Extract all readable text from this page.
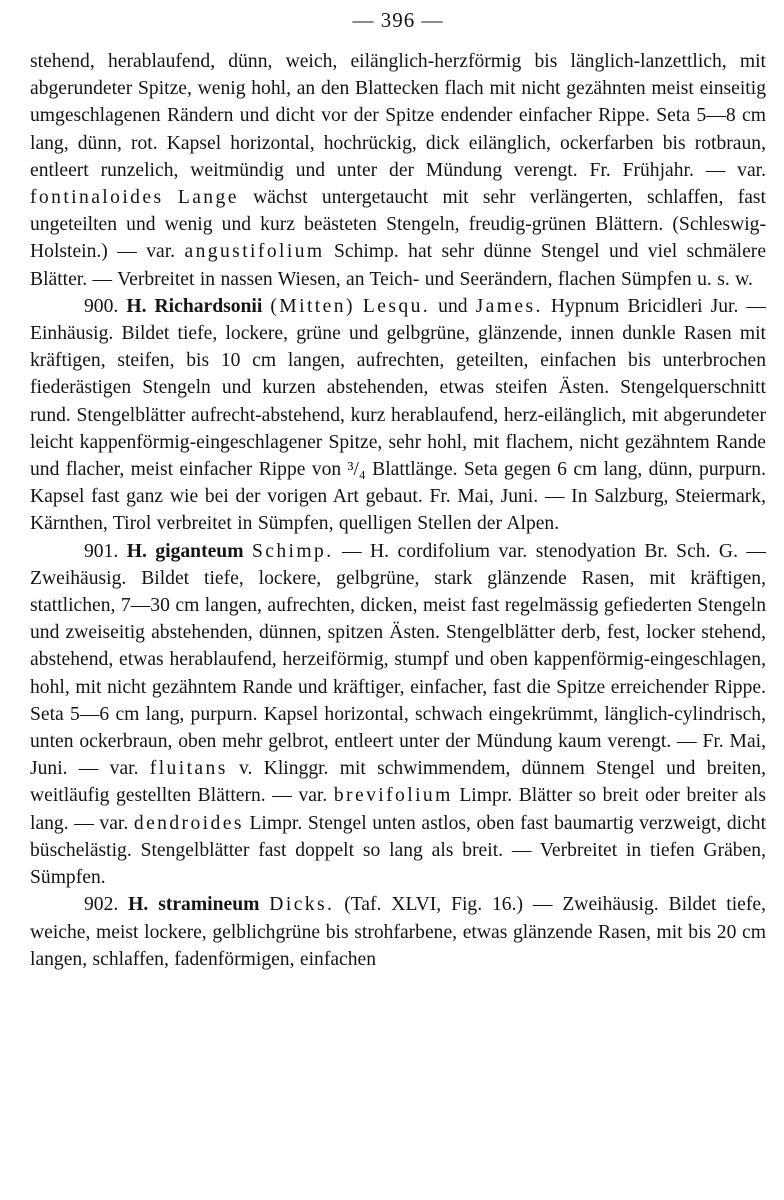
— 396 —

stehend, herablaufend, dünn, weich, eilänglich-herzförmig bis länglich-lanzettlich, mit abgerundeter Spitze, wenig hohl, an den Blattecken flach mit nicht gezähnten meist einseitig umgeschlagenen Rändern und dicht vor der Spitze endender einfacher Rippe. Seta 5—8 cm lang, dünn, rot. Kapsel horizontal, hochrückig, dick eilänglich, ockerfarben bis rotbraun, entleert runzelich, weitmündig und unter der Mündung verengt. Fr. Frühjahr. — var. fontinaloides Lange wächst untergetaucht mit sehr verlängerten, schlaffen, fast ungeteilten und wenig und kurz beästeten Stengeln, freudig-grünen Blättern. (Schleswig-Holstein.) — var. angustifolium Schimp. hat sehr dünne Stengel und viel schmälere Blätter. — Verbreitet in nassen Wiesen, an Teich- und Seerändern, flachen Sümpfen u. s. w.

900. H. Richardsonii (Mitten) Lesqu. und James. Hypnum Bricidleri Jur. — Einhäusig. Bildet tiefe, lockere, grüne und gelbgrüne, glänzende, innen dunkle Rasen mit kräftigen, steifen, bis 10 cm langen, aufrechten, geteilten, einfachen bis unterbrochen fiederästigen Stengeln und kurzen abstehenden, etwas steifen Ästen. Stengelquerschnitt rund. Stengelblätter aufrecht-abstehend, kurz herablaufend, herz-eilänglich, mit abgerundeter leicht kappenförmig-eingeschlagener Spitze, sehr hohl, mit flachem, nicht gezähntem Rande und flacher, meist einfacher Rippe von ³/₄ Blattlänge. Seta gegen 6 cm lang, dünn, purpurn. Kapsel fast ganz wie bei der vorigen Art gebaut. Fr. Mai, Juni. — In Salzburg, Steiermark, Kärnthen, Tirol verbreitet in Sümpfen, quelligen Stellen der Alpen.

901. H. giganteum Schimp. — H. cordifolium var. stenodyation Br. Sch. G. — Zweihäusig. Bildet tiefe, lockere, gelbgrüne, stark glänzende Rasen, mit kräftigen, stattlichen, 7—30 cm langen, aufrechten, dicken, meist fast regelmässig gefiederten Stengeln und zweiseitig abstehenden, dünnen, spitzen Ästen. Stengelblätter derb, fest, locker stehend, abstehend, etwas herablaufend, herzeiförmig, stumpf und oben kappenförmig-eingeschlagen, hohl, mit nicht gezähntem Rande und kräftiger, einfacher, fast die Spitze erreichender Rippe. Seta 5—6 cm lang, purpurn. Kapsel horizontal, schwach eingekrümmt, länglich-cylindrisch, unten ockerbraun, oben mehr gelbrot, entleert unter der Mündung kaum verengt. — Fr. Mai, Juni. — var. fluitans v. Klinggr. mit schwimmendem, dünnem Stengel und breiten, weitläufig gestellten Blättern. — var. brevifolium Limpr. Blätter so breit oder breiter als lang. — var. dendroides Limpr. Stengel unten astlos, oben fast baumartig verzweigt, dicht büschelästig. Stengelblätter fast doppelt so lang als breit. — Verbreitet in tiefen Gräben, Sümpfen.

902. H. stramineum Dicks. (Taf. XLVI, Fig. 16.) — Zweihäusig. Bildet tiefe, weiche, meist lockere, gelblichgrüne bis strohfarbene, etwas glänzende Rasen, mit bis 20 cm langen, schlaffen, fadenförmigen, einfachen
